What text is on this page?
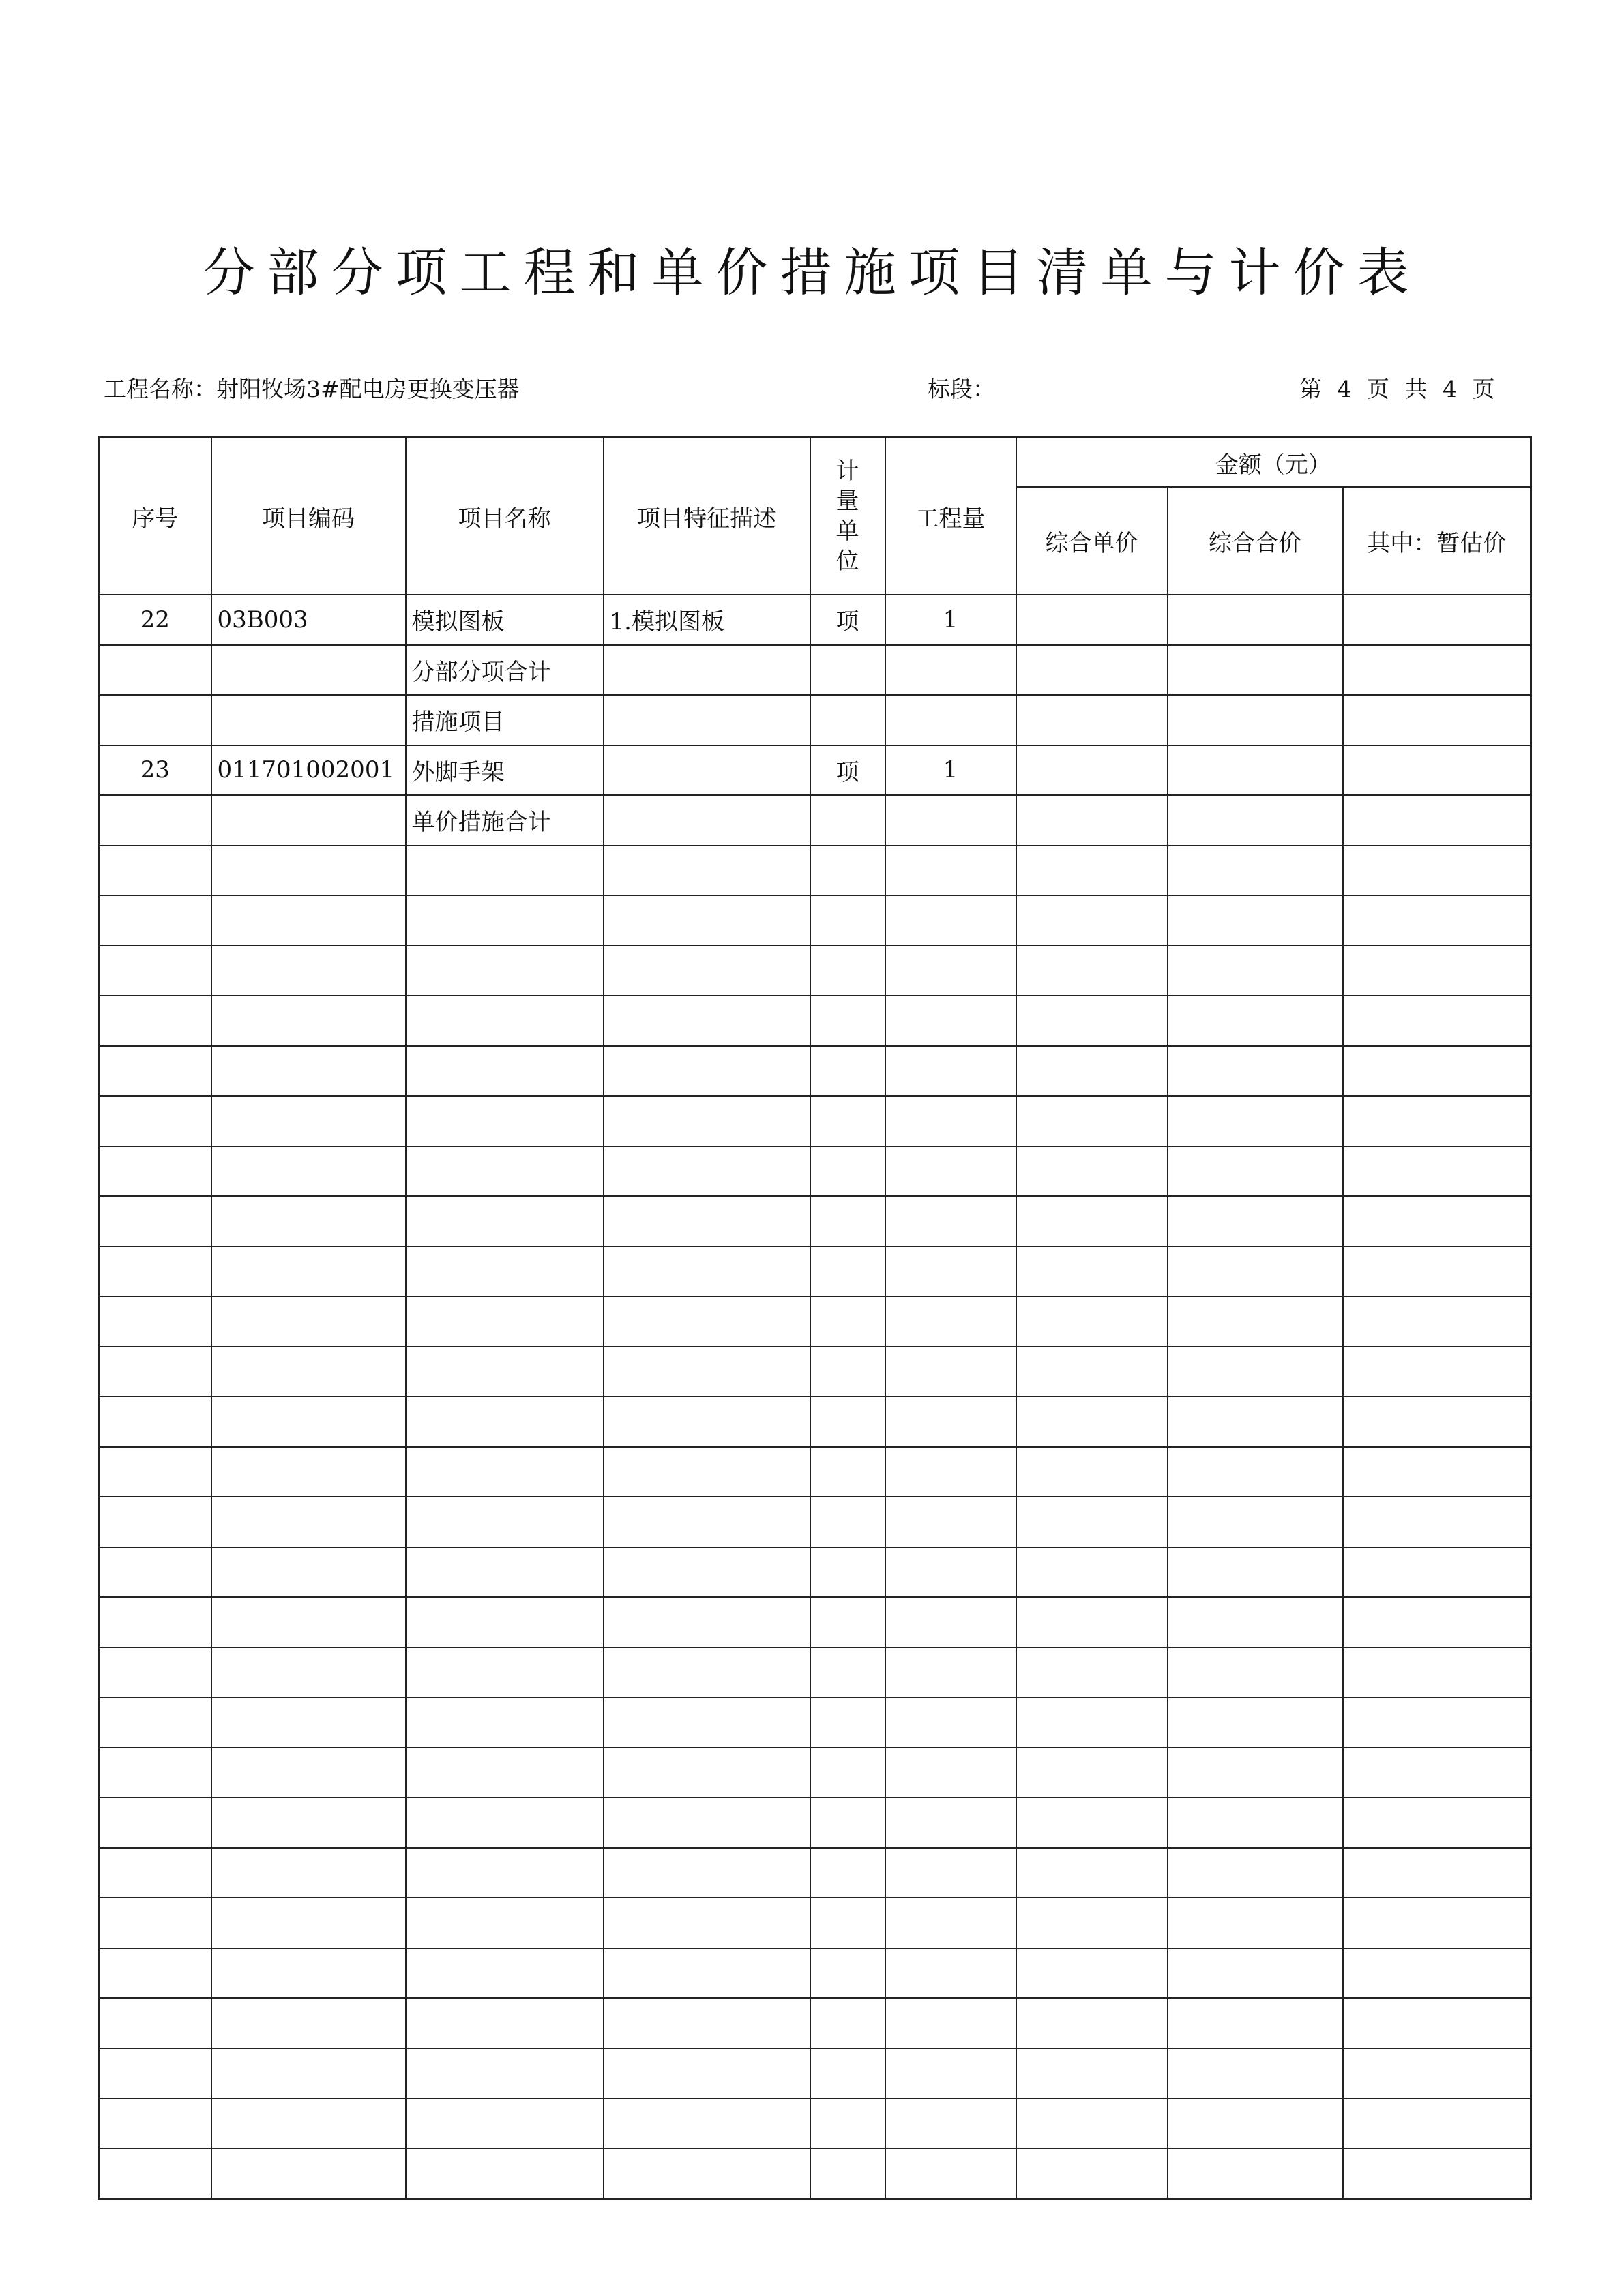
分部分项工程和单价措施项目清单与计价表
工程名称：射阳牧场3#配电房更换变压器	标段：	第 4 页 共 4 页
序号	项目编码	项目名称	项目特征描述	计
量
单
位	工程量	金额（元）		
						综合单价	综合合价	其中：暂估价
22	03B003	模拟图板	1.模拟图板	项	1			
		分部分项合计						
		措施项目						
23	011701002001	外脚手架		项	1			
		单价措施合计						
